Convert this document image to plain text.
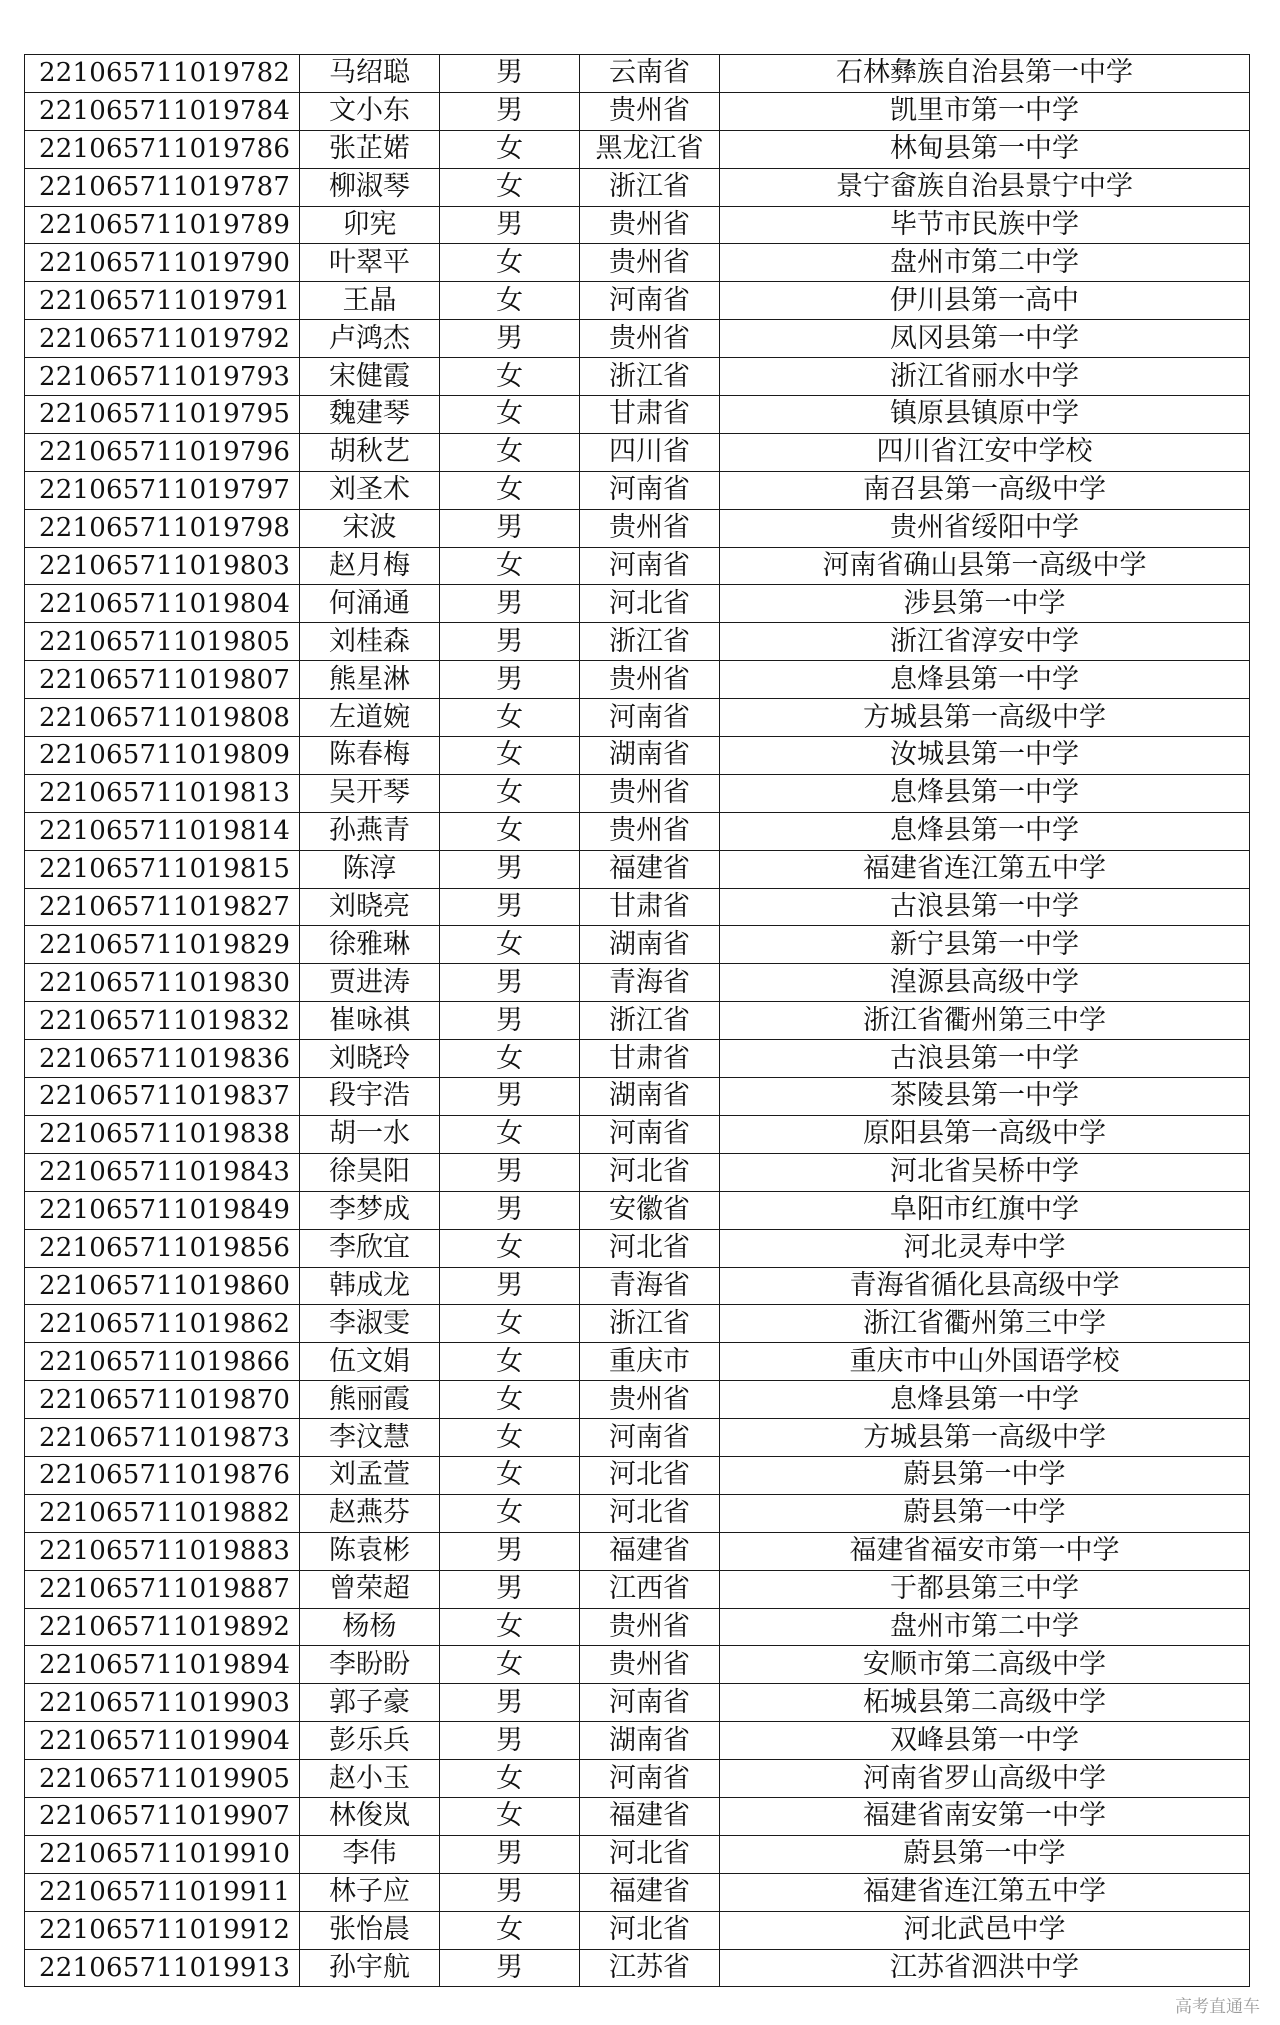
221065711019782	马绍聪	男	云南省	石林彝族自治县第一中学
221065711019784	文小东	男	贵州省	凯里市第一中学
221065711019786	张芷婼	女	黑龙江省	林甸县第一中学
221065711019787	柳淑琴	女	浙江省	景宁畲族自治县景宁中学
221065711019789	卯宪	男	贵州省	毕节市民族中学
221065711019790	叶翠平	女	贵州省	盘州市第二中学
221065711019791	王晶	女	河南省	伊川县第一高中
221065711019792	卢鸿杰	男	贵州省	凤冈县第一中学
221065711019793	宋健霞	女	浙江省	浙江省丽水中学
221065711019795	魏建琴	女	甘肃省	镇原县镇原中学
221065711019796	胡秋艺	女	四川省	四川省江安中学校
221065711019797	刘圣术	女	河南省	南召县第一高级中学
221065711019798	宋波	男	贵州省	贵州省绥阳中学
221065711019803	赵月梅	女	河南省	河南省确山县第一高级中学
221065711019804	何涌通	男	河北省	涉县第一中学
221065711019805	刘桂森	男	浙江省	浙江省淳安中学
221065711019807	熊星淋	男	贵州省	息烽县第一中学
221065711019808	左道婉	女	河南省	方城县第一高级中学
221065711019809	陈春梅	女	湖南省	汝城县第一中学
221065711019813	吴开琴	女	贵州省	息烽县第一中学
221065711019814	孙燕青	女	贵州省	息烽县第一中学
221065711019815	陈淳	男	福建省	福建省连江第五中学
221065711019827	刘晓亮	男	甘肃省	古浪县第一中学
221065711019829	徐雅琳	女	湖南省	新宁县第一中学
221065711019830	贾进涛	男	青海省	湟源县高级中学
221065711019832	崔咏祺	男	浙江省	浙江省衢州第三中学
221065711019836	刘晓玲	女	甘肃省	古浪县第一中学
221065711019837	段宇浩	男	湖南省	茶陵县第一中学
221065711019838	胡一水	女	河南省	原阳县第一高级中学
221065711019843	徐昊阳	男	河北省	河北省吴桥中学
221065711019849	李梦成	男	安徽省	阜阳市红旗中学
221065711019856	李欣宜	女	河北省	河北灵寿中学
221065711019860	韩成龙	男	青海省	青海省循化县高级中学
221065711019862	李淑雯	女	浙江省	浙江省衢州第三中学
221065711019866	伍文娟	女	重庆市	重庆市中山外国语学校
221065711019870	熊丽霞	女	贵州省	息烽县第一中学
221065711019873	李汶慧	女	河南省	方城县第一高级中学
221065711019876	刘孟萱	女	河北省	蔚县第一中学
221065711019882	赵燕芬	女	河北省	蔚县第一中学
221065711019883	陈袁彬	男	福建省	福建省福安市第一中学
221065711019887	曾荣超	男	江西省	于都县第三中学
221065711019892	杨杨	女	贵州省	盘州市第二中学
221065711019894	李盼盼	女	贵州省	安顺市第二高级中学
221065711019903	郭子豪	男	河南省	柘城县第二高级中学
221065711019904	彭乐兵	男	湖南省	双峰县第一中学
221065711019905	赵小玉	女	河南省	河南省罗山高级中学
221065711019907	林俊岚	女	福建省	福建省南安第一中学
221065711019910	李伟	男	河北省	蔚县第一中学
221065711019911	林子应	男	福建省	福建省连江第五中学
221065711019912	张怡晨	女	河北省	河北武邑中学
221065711019913	孙宇航	男	江苏省	江苏省泗洪中学
高考直通车
